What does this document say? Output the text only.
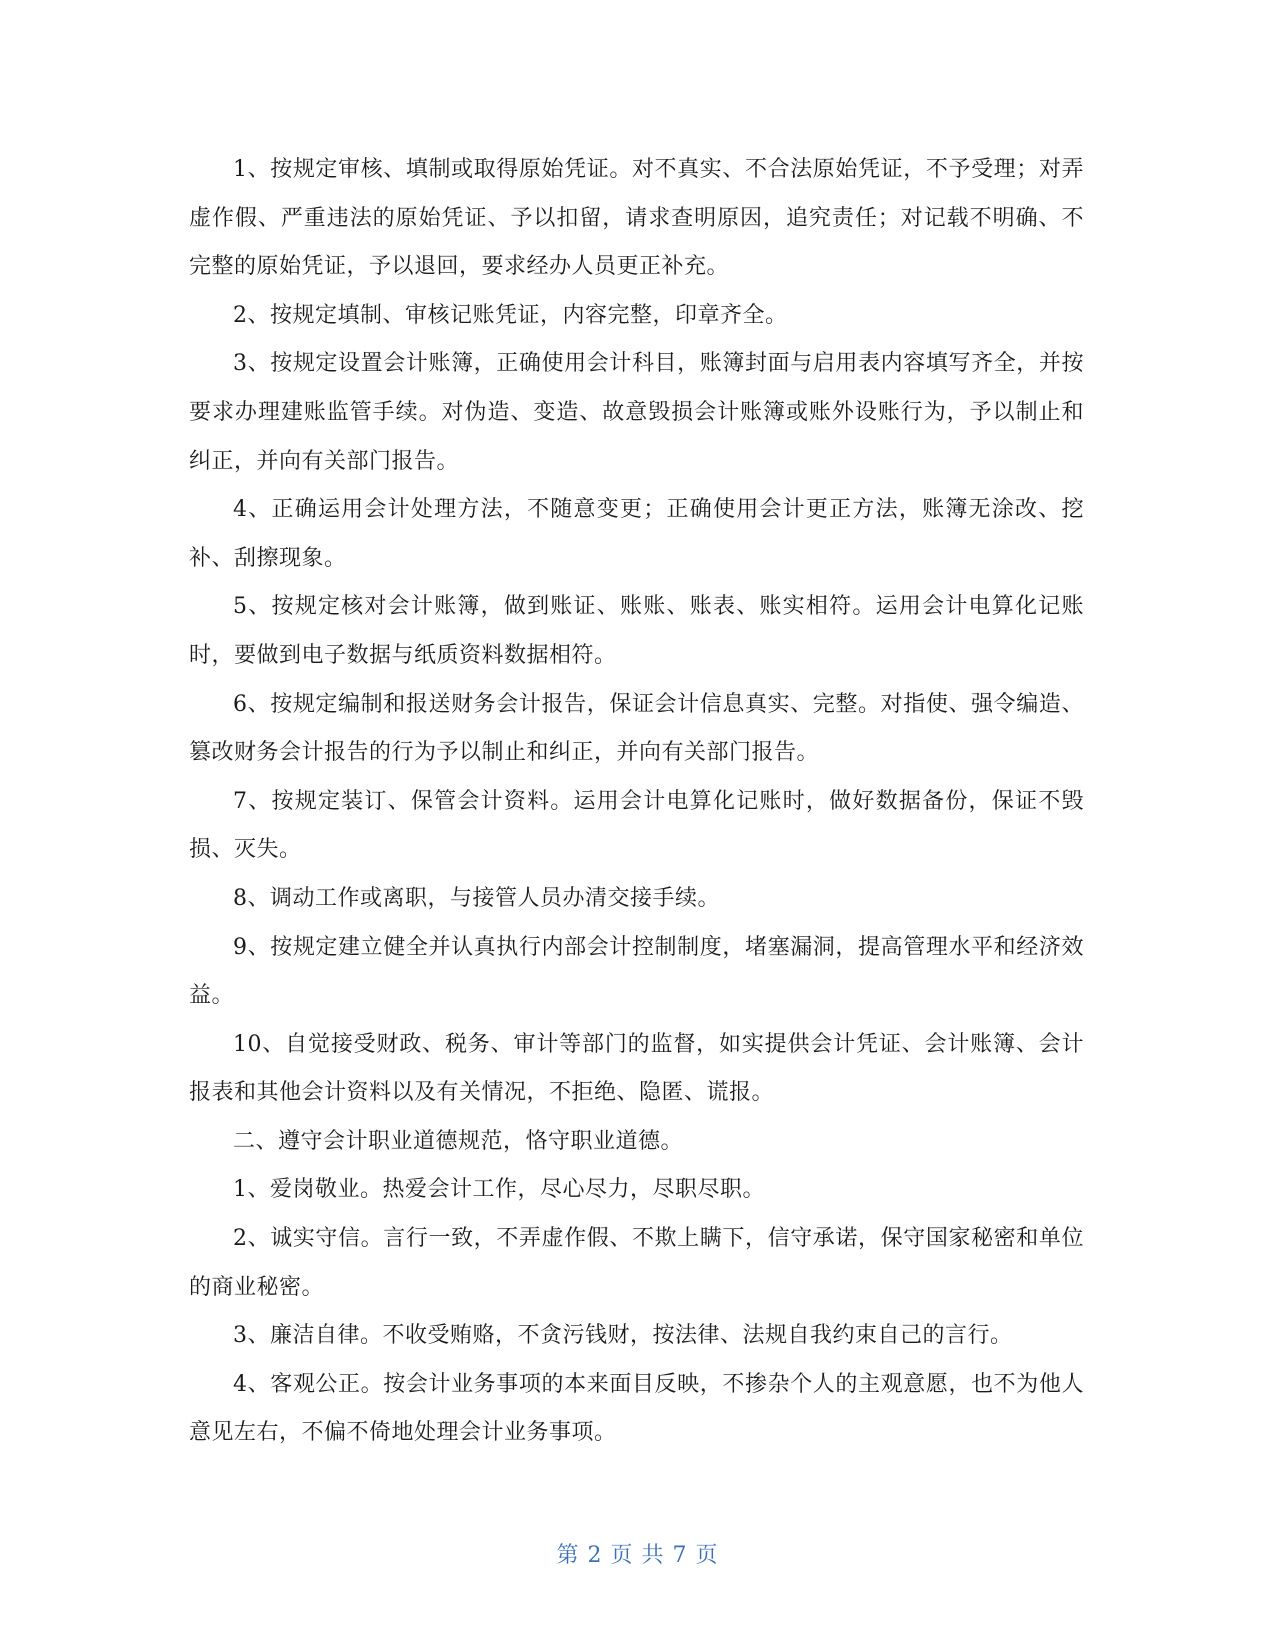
1、按规定审核、填制或取得原始凭证。对不真实、不合法原始凭证，不予受理；对弄虚作假、严重违法的原始凭证、予以扣留，请求查明原因，追究责任；对记载不明确、不完整的原始凭证，予以退回，要求经办人员更正补充。

2、按规定填制、审核记账凭证，内容完整，印章齐全。

3、按规定设置会计账簿，正确使用会计科目，账簿封面与启用表内容填写齐全，并按要求办理建账监管手续。对伪造、变造、故意毁损会计账簿或账外设账行为，予以制止和纠正，并向有关部门报告。

4、正确运用会计处理方法，不随意变更；正确使用会计更正方法，账簿无涂改、挖补、刮擦现象。

5、按规定核对会计账簿，做到账证、账账、账表、账实相符。运用会计电算化记账时，要做到电子数据与纸质资料数据相符。

6、按规定编制和报送财务会计报告，保证会计信息真实、完整。对指使、强令编造、篡改财务会计报告的行为予以制止和纠正，并向有关部门报告。

7、按规定装订、保管会计资料。运用会计电算化记账时，做好数据备份，保证不毁损、灭失。

8、调动工作或离职，与接管人员办清交接手续。

9、按规定建立健全并认真执行内部会计控制制度，堵塞漏洞，提高管理水平和经济效益。

10、自觉接受财政、税务、审计等部门的监督，如实提供会计凭证、会计账簿、会计报表和其他会计资料以及有关情况，不拒绝、隐匿、谎报。

二、遵守会计职业道德规范，恪守职业道德。

1、爱岗敬业。热爱会计工作，尽心尽力，尽职尽职。

2、诚实守信。言行一致，不弄虚作假、不欺上瞒下，信守承诺，保守国家秘密和单位的商业秘密。

3、廉洁自律。不收受贿赂，不贪污钱财，按法律、法规自我约束自己的言行。

4、客观公正。按会计业务事项的本来面目反映，不掺杂个人的主观意愿，也不为他人意见左右，不偏不倚地处理会计业务事项。

第 2 页 共 7 页
